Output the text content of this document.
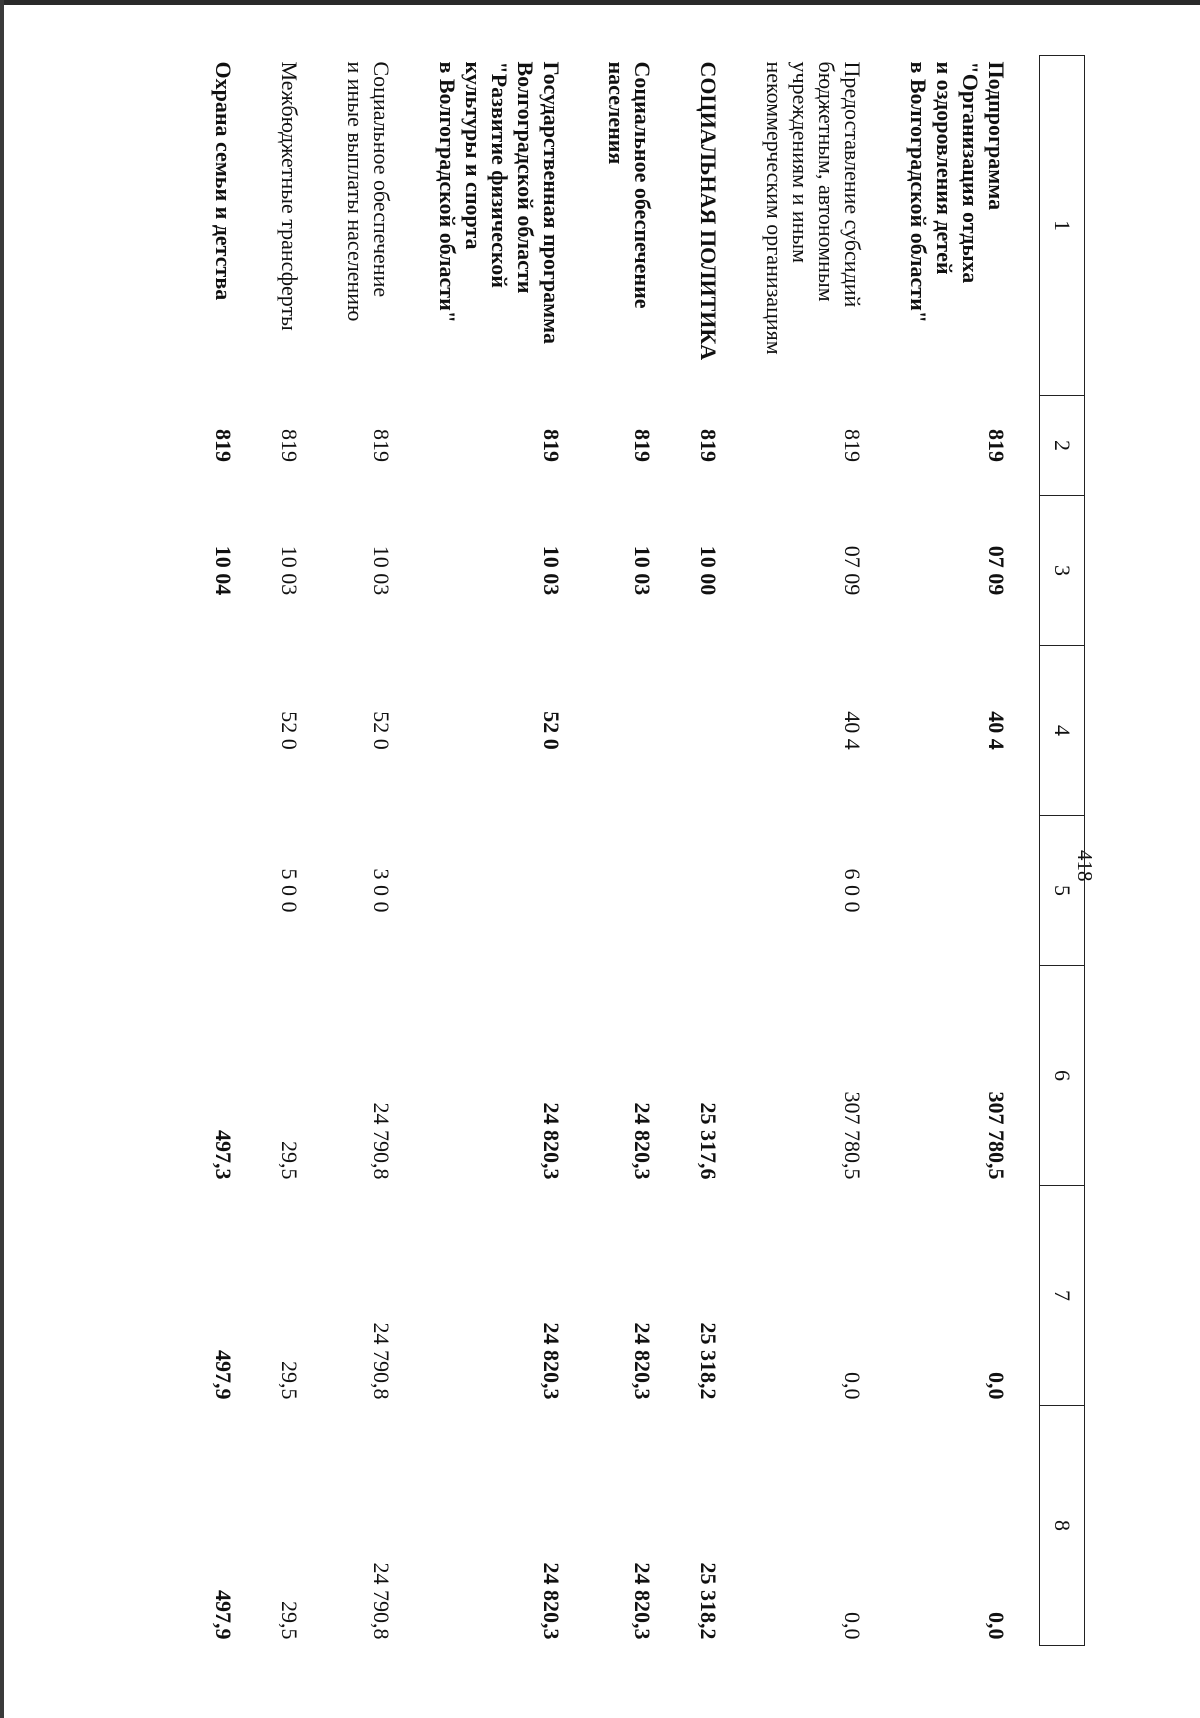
418
1	2	3	4	5	6	7	8

Подпрограмма
"Организация отдыха
и оздоровления детей
в Волгоградской области"	819	07 09	40 4		307 780,5	0,0	0,0
Предоставление субсидий
бюджетным, автономным
учреждениям и иным
некоммерческим организациям	819	07 09	40 4	6 0 0	307 780,5	0,0	0,0
СОЦИАЛЬНАЯ ПОЛИТИКА	819	10 00			25 317,6	25 318,2	25 318,2
Социальное обеспечение
населения	819	10 03			24 820,3	24 820,3	24 820,3
Государственная программа
Волгоградской области
"Развитие физической
культуры и спорта
в Волгоградской области"	819	10 03	52 0		24 820,3	24 820,3	24 820,3
Социальное обеспечение
и иные выплаты населению	819	10 03	52 0	3 0 0	24 790,8	24 790,8	24 790,8
Межбюджетные трансферты	819	10 03	52 0	5 0 0	29,5	29,5	29,5
Охрана семьи и детства	819	10 04			497,3	497,9	497,9
